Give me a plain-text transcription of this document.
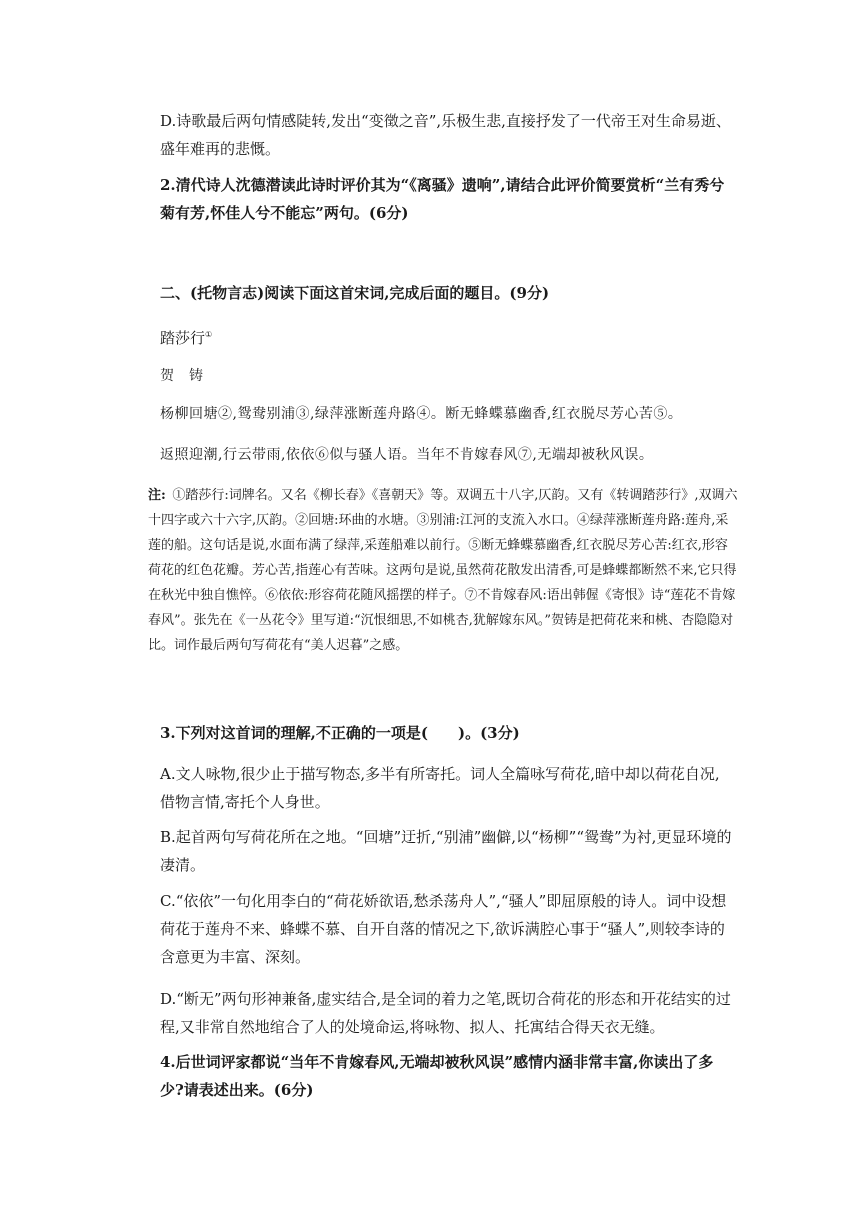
D.诗歌最后两句情感陡转,发出“变徵之音”,乐极生悲,直接抒发了一代帝王对生命易逝、盛年难再的悲慨。

2.清代诗人沈德潜读此诗时评价其为“《离骚》遗响”,请结合此评价简要赏析“兰有秀兮菊有芳,怀佳人兮不能忘”两句。(6分)

二、(托物言志)阅读下面这首宋词,完成后面的题目。(9分)

踏莎行①

贺　铸

杨柳回塘②,鸳鸯别浦③,绿萍涨断莲舟路④。断无蜂蝶慕幽香,红衣脱尽芳心苦⑤。

返照迎潮,行云带雨,依依⑥似与骚人语。当年不肯嫁春风⑦,无端却被秋风误。

注:  ①踏莎行:词牌名。又名《柳长春》《喜朝天》等。双调五十八字,仄韵。又有《转调踏莎行》,双调六十四字或六十六字,仄韵。②回塘:环曲的水塘。③别浦:江河的支流入水口。④绿萍涨断莲舟路:莲舟,采莲的船。这句话是说,水面布满了绿萍,采莲船难以前行。⑤断无蜂蝶慕幽香,红衣脱尽芳心苦:红衣,形容荷花的红色花瓣。芳心苦,指莲心有苦味。这两句是说,虽然荷花散发出清香,可是蜂蝶都断然不来,它只得在秋光中独自憔悴。⑥依依:形容荷花随风摇摆的样子。⑦不肯嫁春风:语出韩偓《寄恨》诗“莲花不肯嫁春风”。张先在《一丛花令》里写道:“沉恨细思,不如桃杏,犹解嫁东风。”贺铸是把荷花来和桃、杏隐隐对比。词作最后两句写荷花有“美人迟暮”之感。

3.下列对这首词的理解,不正确的一项是(　　)。(3分)

A.文人咏物,很少止于描写物态,多半有所寄托。词人全篇咏写荷花,暗中却以荷花自况,借物言情,寄托个人身世。

B.起首两句写荷花所在之地。“回塘”迂折,“别浦”幽僻,以“杨柳”“鸳鸯”为衬,更显环境的凄清。

C.“依依”一句化用李白的“荷花娇欲语,愁杀荡舟人”,“骚人”即屈原般的诗人。词中设想荷花于莲舟不来、蜂蝶不慕、自开自落的情况之下,欲诉满腔心事于“骚人”,则较李诗的含意更为丰富、深刻。

D.“断无”两句形神兼备,虚实结合,是全词的着力之笔,既切合荷花的形态和开花结实的过程,又非常自然地绾合了人的处境命运,将咏物、拟人、托寓结合得天衣无缝。

4.后世词评家都说“当年不肯嫁春风,无端却被秋风误”感情内涵非常丰富,你读出了多少?请表述出来。(6分)
